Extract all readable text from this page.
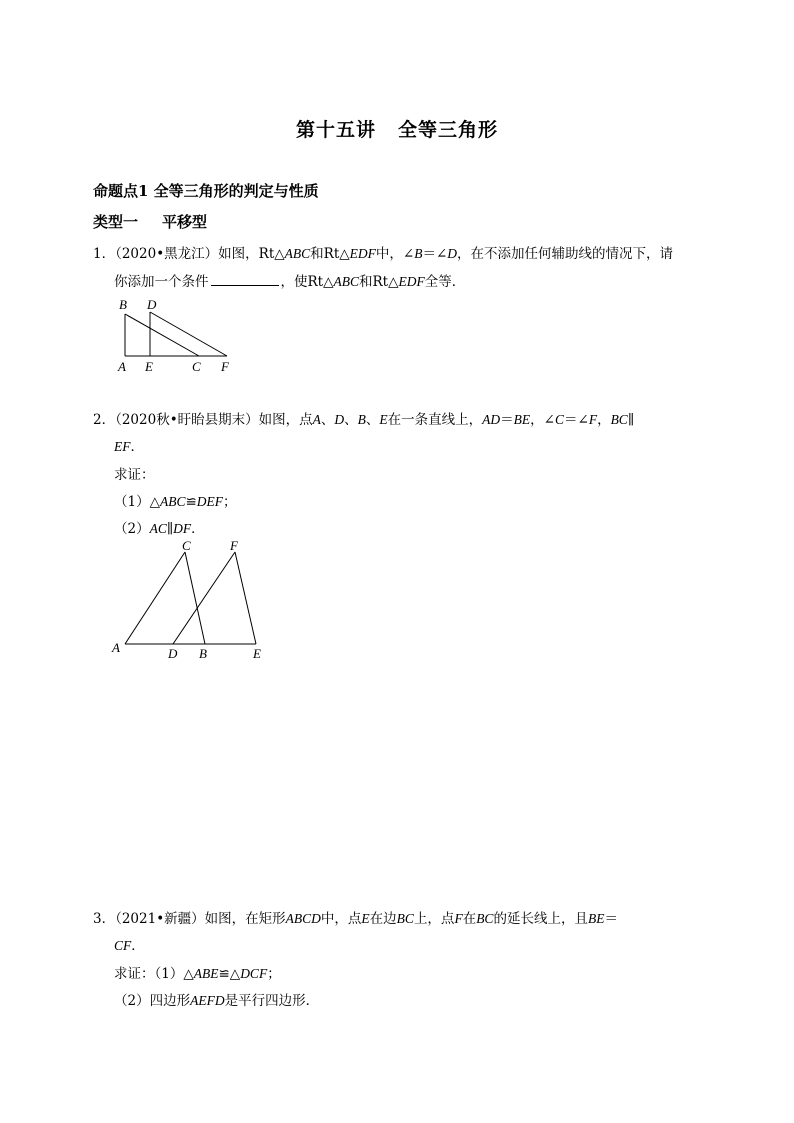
第十五讲 全等三角形
命题点1 全等三角形的判定与性质
类型一 平移型
1．（2020•黑龙江）如图，Rt△ABC和Rt△EDF中，∠B＝∠D，在不添加任何辅助线的情况下，请
你添加一个条件	，使Rt△ABC和Rt△EDF全等．
B D
A E	C F
2．（2020秋•盱眙县期末）如图，点A、D、B、E在一条直线上，AD＝BE，∠C＝∠F，BC∥
EF．
求证：
（1）△ABC≌DEF；
（2）AC∥DF．
C	F
A	D B	E
3．（2021•新疆）如图，在矩形ABCD中，点E在边BC上，点F在BC的延长线上，且BE＝
CF．
求证：（1）△ABE≌△DCF；
（2）四边形AEFD是平行四边形．
